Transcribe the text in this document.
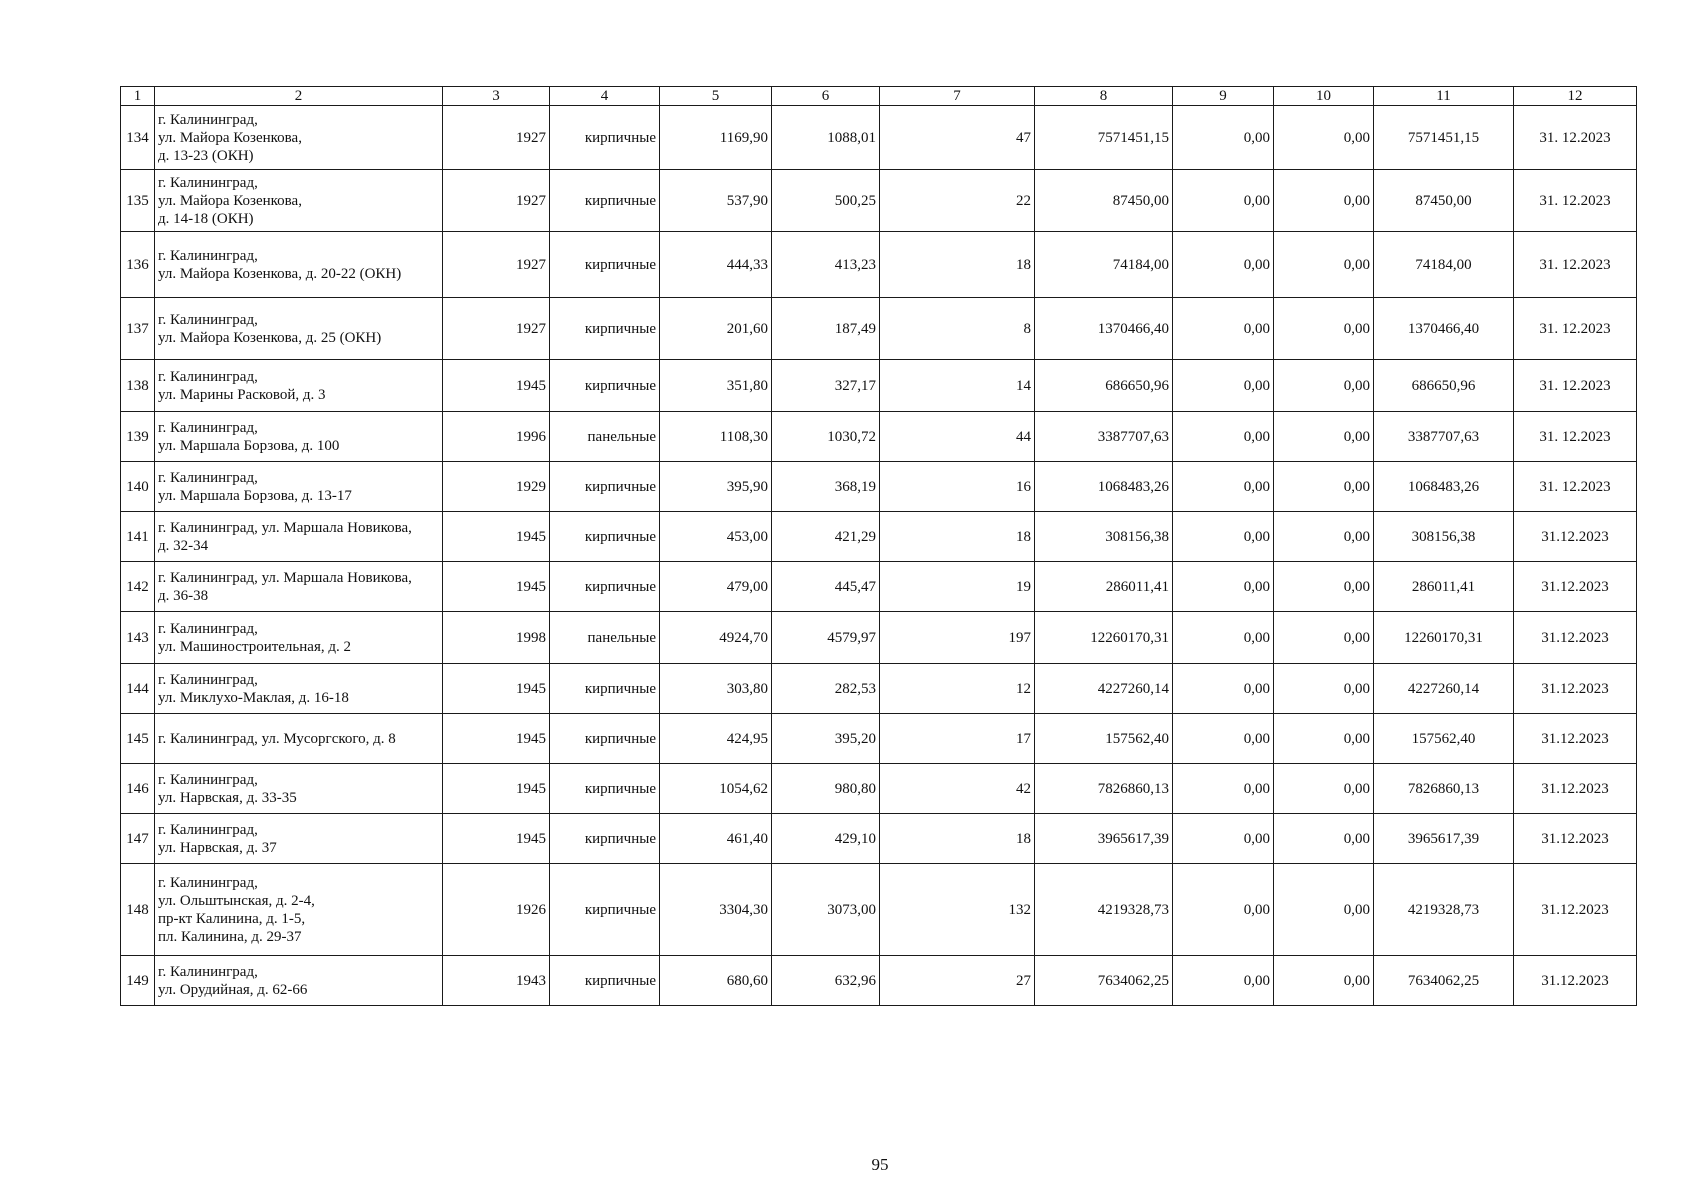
1	2	3	4	5	6	7	8	9	10	11	12
134	г. Калининград,
ул. Майора Козенкова,
д. 13-23 (ОКН)	1927	кирпичные	1169,90	1088,01	47	7571451,15	0,00	0,00	7571451,15	31. 12.2023
135	г. Калининград,
ул. Майора Козенкова,
д. 14-18 (ОКН)	1927	кирпичные	537,90	500,25	22	87450,00	0,00	0,00	87450,00	31. 12.2023
136	г. Калининград,
ул. Майора Козенкова, д. 20-22 (ОКН)	1927	кирпичные	444,33	413,23	18	74184,00	0,00	0,00	74184,00	31. 12.2023
137	г. Калининград,
ул. Майора Козенкова, д. 25 (ОКН)	1927	кирпичные	201,60	187,49	8	1370466,40	0,00	0,00	1370466,40	31. 12.2023
138	г. Калининград,
ул. Марины Расковой, д. 3	1945	кирпичные	351,80	327,17	14	686650,96	0,00	0,00	686650,96	31. 12.2023
139	г. Калининград,
ул. Маршала Борзова, д. 100	1996	панельные	1108,30	1030,72	44	3387707,63	0,00	0,00	3387707,63	31. 12.2023
140	г. Калининград,
ул. Маршала Борзова, д. 13-17	1929	кирпичные	395,90	368,19	16	1068483,26	0,00	0,00	1068483,26	31. 12.2023
141	г. Калининград, ул. Маршала Новикова,
д. 32-34	1945	кирпичные	453,00	421,29	18	308156,38	0,00	0,00	308156,38	31.12.2023
142	г. Калининград, ул. Маршала Новикова,
д. 36-38	1945	кирпичные	479,00	445,47	19	286011,41	0,00	0,00	286011,41	31.12.2023
143	г. Калининград,
ул. Машиностроительная, д. 2	1998	панельные	4924,70	4579,97	197	12260170,31	0,00	0,00	12260170,31	31.12.2023
144	г. Калининград,
ул. Миклухо-Маклая, д. 16-18	1945	кирпичные	303,80	282,53	12	4227260,14	0,00	0,00	4227260,14	31.12.2023
145	г. Калининград, ул. Мусоргского, д. 8	1945	кирпичные	424,95	395,20	17	157562,40	0,00	0,00	157562,40	31.12.2023
146	г. Калининград,
ул. Нарвская, д. 33-35	1945	кирпичные	1054,62	980,80	42	7826860,13	0,00	0,00	7826860,13	31.12.2023
147	г. Калининград,
ул. Нарвская, д. 37	1945	кирпичные	461,40	429,10	18	3965617,39	0,00	0,00	3965617,39	31.12.2023
148	г. Калининград,
ул. Ольштынская, д. 2-4,
пр-кт Калинина, д. 1-5,
пл. Калинина, д. 29-37	1926	кирпичные	3304,30	3073,00	132	4219328,73	0,00	0,00	4219328,73	31.12.2023
149	г. Калининград,
ул. Орудийная, д. 62-66	1943	кирпичные	680,60	632,96	27	7634062,25	0,00	0,00	7634062,25	31.12.2023
95
